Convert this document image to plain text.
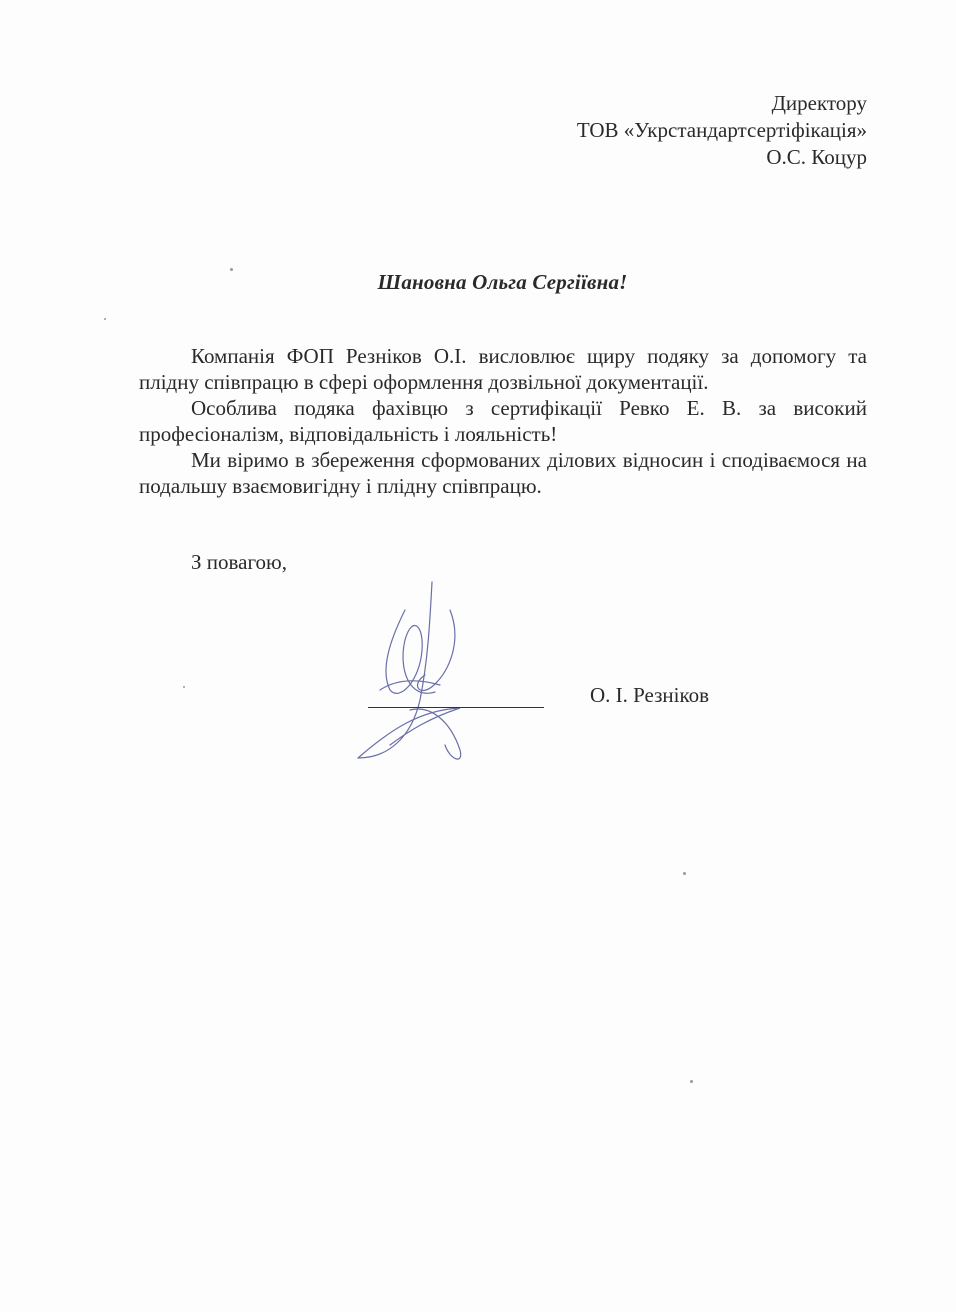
Директору
ТОВ «Укрстандартсертіфікація»
О.С. Коцур
Шановна Ольга Сергіївна!

Компанія ФОП Резніков О.І. висловлює щиру подяку за допомогу та плідну співпрацю в сфері оформлення дозвільної документації.

Особлива подяка фахівцю з сертифікації Ревко Е. В. за високий професіоналізм, відповідальність і лояльність!

Ми віримо в збереження сформованих ділових відносин і сподіваємося на подальшу взаємовигідну і плідну співпрацю.

З повагою,
О. І. Резніков
